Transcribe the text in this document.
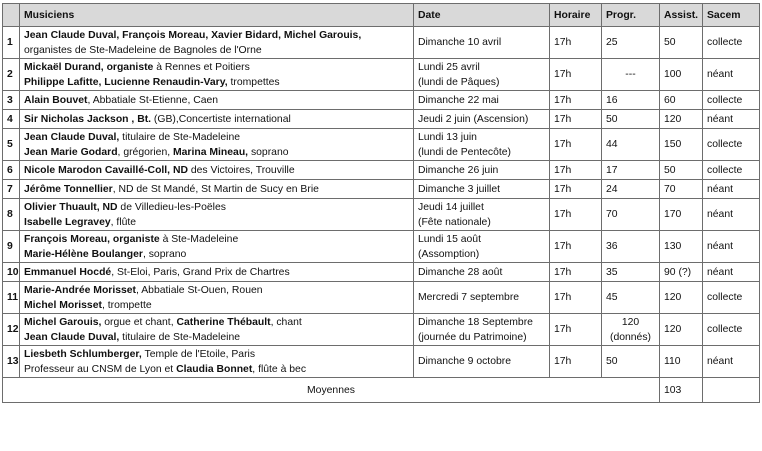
	Musiciens	Date	Horaire	Progr.	Assist.	Sacem
1	Jean Claude Duval, François Moreau, Xavier Bidard, Michel Garouis,
organistes de Ste-Madeleine de Bagnoles de l'Orne	Dimanche 10 avril	17h	25	50	collecte
2	Mickaël Durand, organiste à Rennes et Poitiers
Philippe Lafitte, Lucienne Renaudin-Vary, trompettes	Lundi 25 avril
(lundi de Pâques)	17h	---	100	néant
3	Alain Bouvet, Abbatiale St-Etienne, Caen	Dimanche 22 mai	17h	16	60	collecte
4	Sir Nicholas Jackson , Bt. (GB),Concertiste international	Jeudi 2 juin (Ascension)	17h	50	120	néant
5	Jean Claude Duval, titulaire de Ste-Madeleine
Jean Marie Godard, grégorien, Marina Mineau, soprano	Lundi 13 juin
(lundi de Pentecôte)	17h	44	150	collecte
6	Nicole Marodon Cavaillé-Coll, ND des Victoires, Trouville	Dimanche 26 juin	17h	17	50	collecte
7	Jérôme Tonnellier, ND de St Mandé, St Martin de Sucy en Brie	Dimanche 3 juillet	17h	24	70	néant
8	Olivier Thuault, ND de Villedieu-les-Poëles
Isabelle Legravey, flûte	Jeudi 14 juillet
(Fête nationale)	17h	70	170	néant
9	François Moreau, organiste à Ste-Madeleine
Marie-Hélène Boulanger, soprano	Lundi 15 août
(Assomption)	17h	36	130	néant
10	Emmanuel Hocdé, St-Eloi, Paris, Grand Prix de Chartres	Dimanche 28 août	17h	35	90 (?)	néant
11	Marie-Andrée Morisset, Abbatiale St-Ouen, Rouen
Michel Morisset, trompette	Mercredi 7 septembre	17h	45	120	collecte
12	Michel Garouis, orgue et chant, Catherine Thébault, chant
Jean Claude Duval, titulaire de Ste-Madeleine	Dimanche 18 Septembre
(journée du Patrimoine)	17h	120
(donnés)	120	collecte
13	Liesbeth Schlumberger, Temple de l'Etoile, Paris
Professeur au CNSM de Lyon et Claudia Bonnet, flûte à bec	Dimanche 9 octobre	17h	50	110	néant
Moyennes					103	
